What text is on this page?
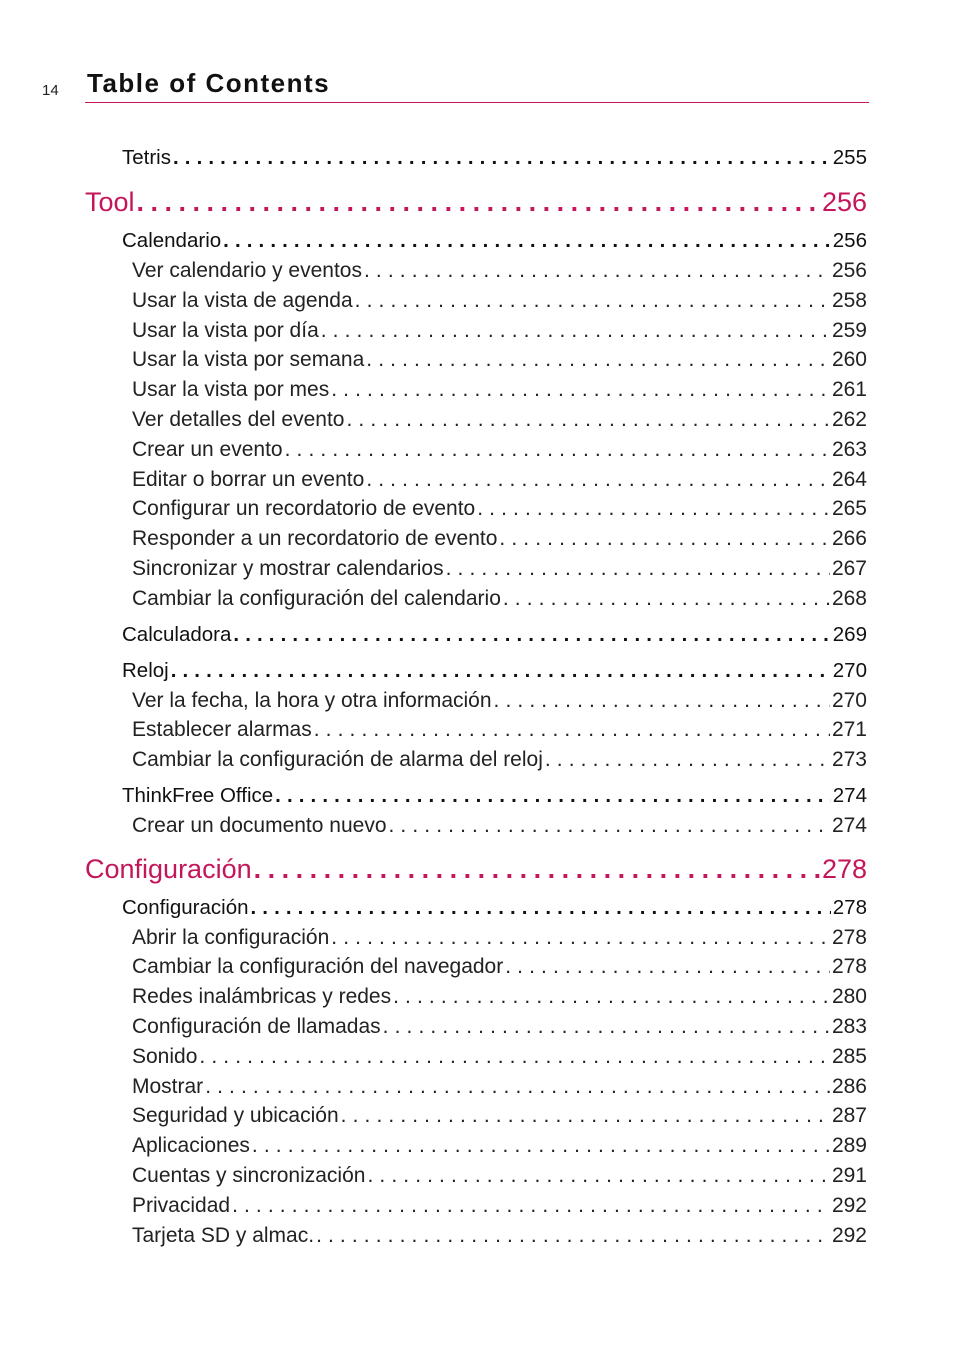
14 Table of Contents
Tetris .....	255
Tool .....	256
Calendario .....	256
Ver calendario y eventos .....	256
Usar la vista de agenda .....	258
Usar la vista por día .....	259
Usar la vista por semana .....	260
Usar la vista por mes .....	261
Ver detalles del evento .....	262
Crear un evento .....	263
Editar o borrar un evento .....	264
Configurar un recordatorio de evento .....	265
Responder a un recordatorio de evento .....	266
Sincronizar y mostrar calendarios .....	267
Cambiar la configuración del calendario .....	268
Calculadora .....	269
Reloj .....	270
Ver la fecha, la hora y otra información .....	270
Establecer alarmas .....	271
Cambiar la configuración de alarma del reloj .....	273
ThinkFree Office .....	274
Crear un documento nuevo .....	274
Configuración .....	278
Configuración .....	278
Abrir la configuración .....	278
Cambiar la configuración del navegador .....	278
Redes inalámbricas y redes .....	280
Configuración de llamadas .....	283
Sonido .....	285
Mostrar .....	286
Seguridad y ubicación .....	287
Aplicaciones .....	289
Cuentas y sincronización .....	291
Privacidad .....	292
Tarjeta SD y almac. .....	292
